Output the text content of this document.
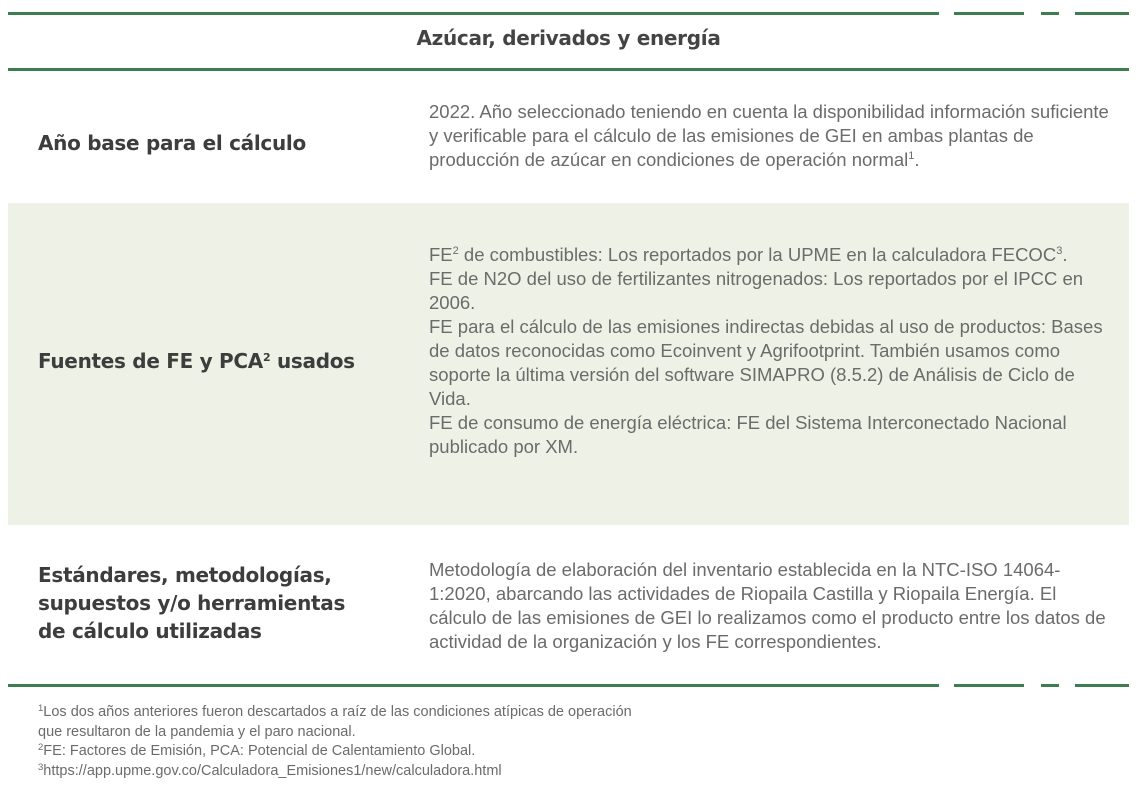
Azúcar, derivados y energía
Año base para el cálculo
2022. Año seleccionado teniendo en cuenta la disponibilidad información suficiente y verificable para el cálculo de las emisiones de GEI en ambas plantas de producción de azúcar en condiciones de operación normal$^1$.
Fuentes de FE y PCA$^2$ usados

$FE^2$ de combustibles: Los reportados por la UPME en la calculadora FECOC$^3$.

FE de N2O del uso de fertilizantes nitrogenados: Los reportados por el IPCC en 2006.

FE para el cálculo de las emisiones indirectas debidas al uso de productos: Bases de datos reconocidas como Ecoinvent y Agrifootprint. También usamos como soporte la última versión del software SIMAPRO (8.5.2) de Análisis de Ciclo de Vida.

FE de consumo de energía eléctrica: FE del Sistema Interconectado Nacional publicado por XM.

Estándares, metodologías, supuestos y/o herramientas de cálculo utilizadas
Metodología de elaboración del inventario establecida en la NTC-ISO 14064-1:2020, abarcando las actividades de Riopaila Castilla y Riopaila Energía. El cálculo de las emisiones de GEI lo realizamos como el producto entre los datos de actividad de la organización y los FE correspondientes.
$^1$Los dos años anteriores fueron descartados a raíz de las condiciones atípicas de operación
que resultaron de la pandemia y el paro nacional.
$^2$FE: Factores de Emisión, PCA: Potencial de Calentamiento Global.
$^3$https://app.upme.gov.co/Calculadora_Emisiones1/new/calculadora.html
